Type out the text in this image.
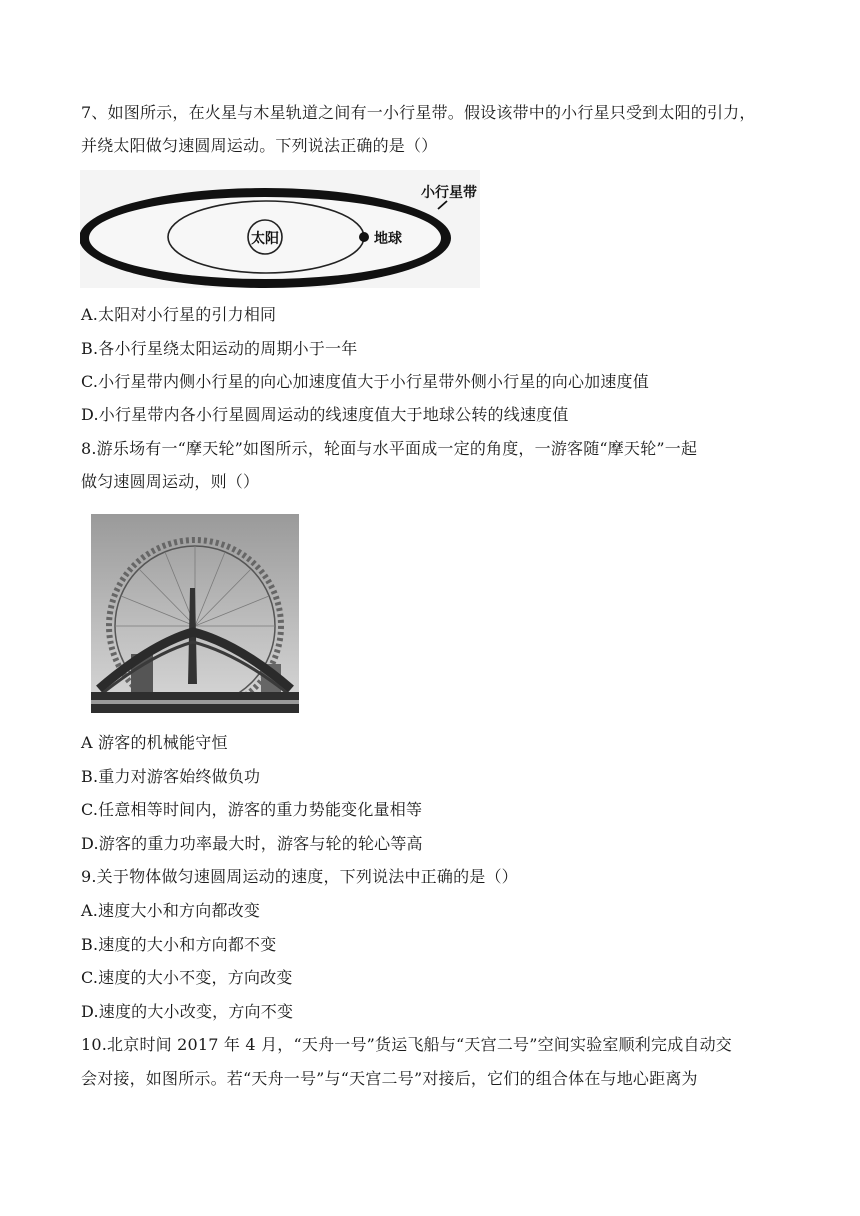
7、如图所示，在火星与木星轨道之间有一小行星带。假设该带中的小行星只受到太阳的引力，
并绕太阳做匀速圆周运动。下列说法正确的是（）
太阳	地球
小行星带
A.太阳对小行星的引力相同
B.各小行星绕太阳运动的周期小于一年
C.小行星带内侧小行星的向心加速度值大于小行星带外侧小行星的向心加速度值
D.小行星带内各小行星圆周运动的线速度值大于地球公转的线速度值
8.游乐场有一“摩天轮”如图所示，轮面与水平面成一定的角度，一游客随“摩天轮”一起
做匀速圆周运动，则（）
A 游客的机械能守恒
B.重力对游客始终做负功
C.任意相等时间内，游客的重力势能变化量相等
D.游客的重力功率最大时，游客与轮的轮心等高
9.关于物体做匀速圆周运动的速度，下列说法中正确的是（）
A.速度大小和方向都改变
B.速度的大小和方向都不变
C.速度的大小不变，方向改变
D.速度的大小改变，方向不变
10.北京时间 2017 年 4 月，“天舟一号”货运飞船与“天宫二号”空间实验室顺利完成自动交
会对接，如图所示。若“天舟一号”与“天宫二号”对接后，它们的组合体在与地心距离为
